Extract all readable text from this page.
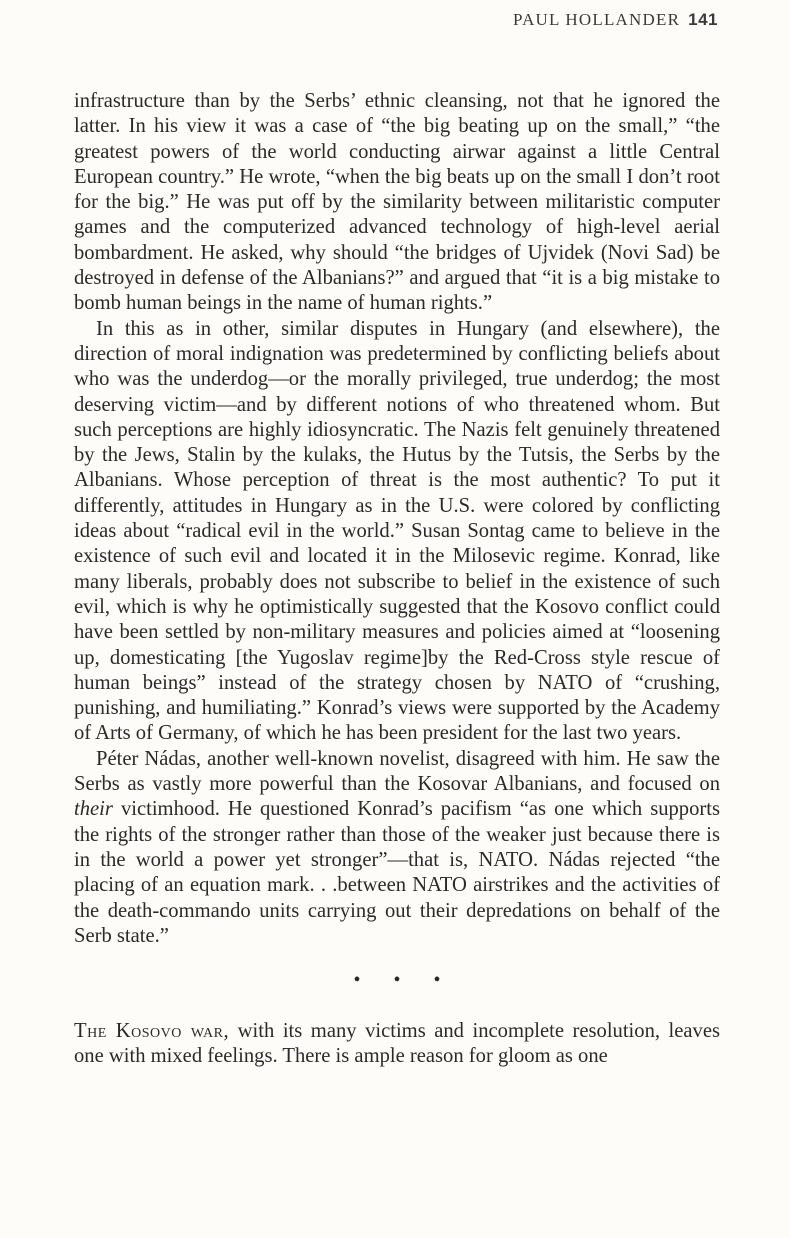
PAUL HOLLANDER 141

infrastructure than by the Serbs’ ethnic cleansing, not that he ignored the latter. In his view it was a case of “the big beating up on the small,” “the greatest powers of the world conducting airwar against a little Central European country.” He wrote, “when the big beats up on the small I don’t root for the big.” He was put off by the similarity between militaristic computer games and the computerized advanced technology of high-level aerial bombardment. He asked, why should “the bridges of Ujvidek (Novi Sad) be destroyed in defense of the Albanians?” and argued that “it is a big mistake to bomb human beings in the name of human rights.”

In this as in other, similar disputes in Hungary (and elsewhere), the direction of moral indignation was predetermined by conflicting beliefs about who was the underdog—or the morally privileged, true underdog; the most deserving victim—and by different notions of who threatened whom. But such perceptions are highly idiosyncratic. The Nazis felt genuinely threatened by the Jews, Stalin by the kulaks, the Hutus by the Tutsis, the Serbs by the Albanians. Whose perception of threat is the most authentic? To put it differently, attitudes in Hungary as in the U.S. were colored by conflicting ideas about “radical evil in the world.” Susan Sontag came to believe in the existence of such evil and located it in the Milosevic regime. Konrad, like many liberals, probably does not subscribe to belief in the existence of such evil, which is why he optimistically suggested that the Kosovo conflict could have been settled by non-military measures and policies aimed at “loosening up, domesticating [the Yugoslav regime]by the Red-Cross style rescue of human beings” instead of the strategy chosen by NATO of “crushing, punishing, and humiliating.” Konrad’s views were supported by the Academy of Arts of Germany, of which he has been president for the last two years.

Péter Nádas, another well-known novelist, disagreed with him. He saw the Serbs as vastly more powerful than the Kosovar Albanians, and focused on their victimhood. He questioned Konrad’s pacifism “as one which supports the rights of the stronger rather than those of the weaker just because there is in the world a power yet stronger”—that is, NATO. Nádas rejected “the placing of an equation mark. . .between NATO airstrikes and the activities of the death-commando units carrying out their depredations on behalf of the Serb state.”

• • •

The Kosovo war, with its many victims and incomplete resolution, leaves one with mixed feelings. There is ample reason for gloom as one
